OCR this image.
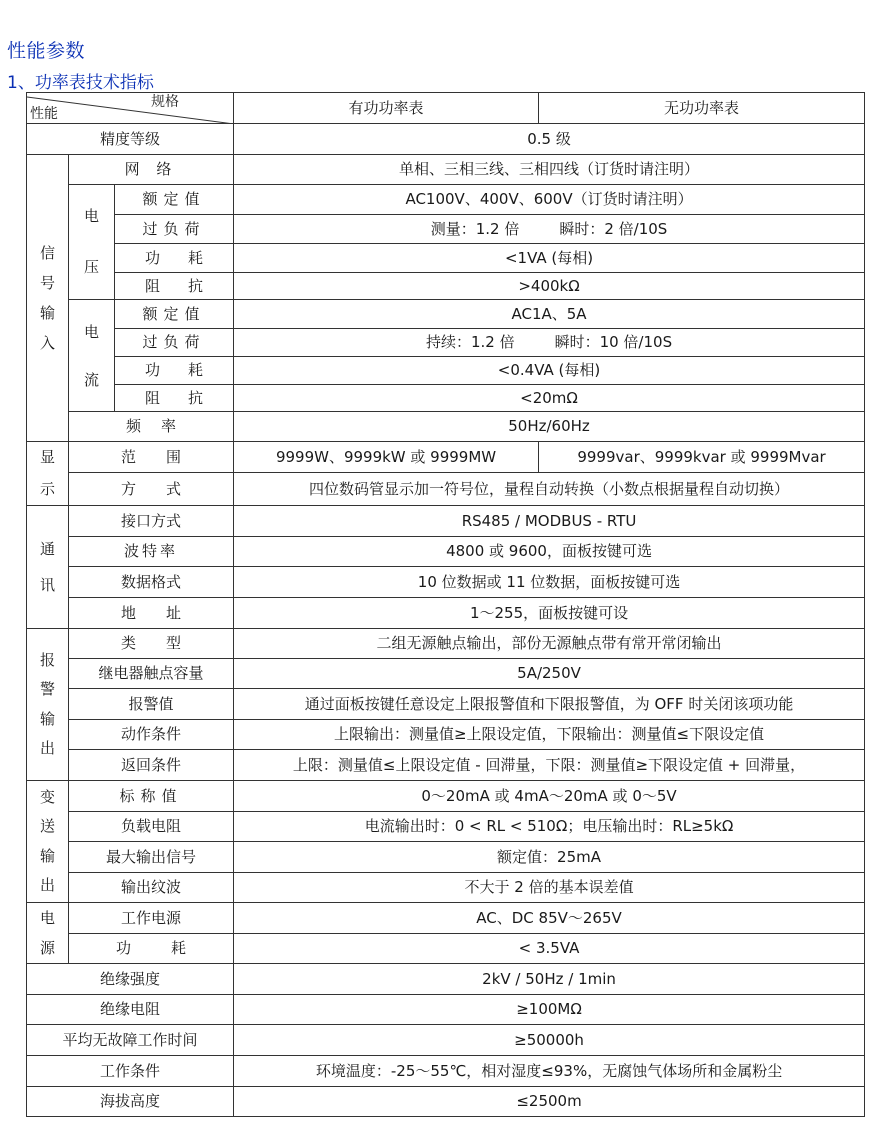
性能参数
1、功率表技术指标
性能
规格			有功功率表	无功功率表
精度等级			0.5 级	
信号输入	网 络		单相、三相三线、三相四线（订货时请注明）	
	电压	额定值	AC100V、400V、600V（订货时请注明）	
		过负荷	测量：1.2 倍 瞬时：2 倍/10S	
		功 耗	<1VA (每相)	
		阻 抗	>400kΩ	
	电流	额定值	AC1A、5A	
		过负荷	持续：1.2 倍 瞬时：10 倍/10S	
		功 耗	<0.4VA (每相)	
		阻 抗	<20mΩ	
	频 率		50Hz/60Hz	
显示	范 围		9999W、9999kW 或 9999MW	9999var、9999kvar 或 9999Mvar
	方 式		四位数码管显示加一符号位，量程自动转换（小数点根据量程自动切换）	
通讯	接口方式		RS485 / MODBUS - RTU	
	波特率		4800 或 9600，面板按键可选	
	数据格式		10 位数据或 11 位数据，面板按键可选	
	地 址		1～255，面板按键可设	
报警输出	类 型		二组无源触点输出，部份无源触点带有常开常闭输出	
	继电器触点容量		5A/250V	
	报警值		通过面板按键任意设定上限报警值和下限报警值，为 OFF 时关闭该项功能	
	动作条件		上限输出：测量值≥上限设定值，下限输出：测量值≤下限设定值	
	返回条件		上限：测量值≤上限设定值 - 回滞量，下限：测量值≥下限设定值 + 回滞量，	
变送输出	标称值		0～20mA 或 4mA～20mA 或 0～5V	
	负载电阻		电流输出时：0 < RL < 510Ω；电压输出时：RL≥5kΩ	
	最大输出信号		额定值：25mA	
	输出纹波		不大于 2 倍的基本误差值	
电源	工作电源		AC、DC 85V～265V	
	功 耗		< 3.5VA	
绝缘强度			2kV / 50Hz / 1min	
绝缘电阻			≥100MΩ	
平均无故障工作时间			≥50000h	
工作条件			环境温度：-25～55℃，相对湿度≤93%，无腐蚀气体场所和金属粉尘	
海拔高度			≤2500m	
